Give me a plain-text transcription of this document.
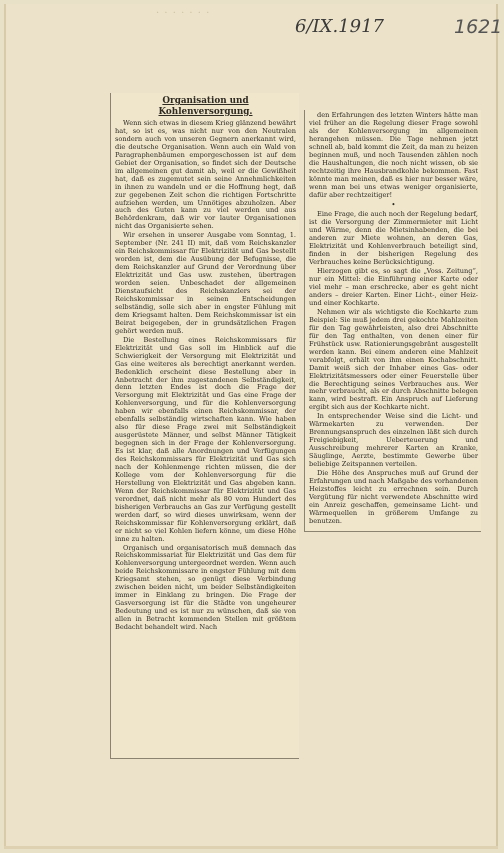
· · · · · · ·
6/IX.1917	1621
Organisation und Kohlenversorgung.

Wenn sich etwas in diesem Krieg glänzend bewährt hat, so ist es, was nicht nur von den Neutralen sondern auch von unseren Gegnern anerkannt wird, die deutsche Organisation. Wenn auch ein Wald von Paragraphenbäumen emporgeschossen ist auf dem Gebiet der Organisation, so findet sich der Deutsche im allgemeinen gut damit ab, weil er die Gewißheit hat, daß es zugemutet sein seine Annehmlichkeiten in ihnen zu wandeln und er die Hoffnung hegt, daß zur gegebenen Zeit schon die richtigen Fortschritte aufziehen werden, um Unnötiges abzuholzen. Aber auch des Guten kann zu viel werden und aus Behördenkram, daß wir vor lauter Organisationen nicht das Organisierte sehen.

Wir ersehen in unserer Ausgabe vom Sonntag, 1. September (Nr. 241 II) mit, daß vom Reichskanzler ein Reichskommissar für Elektrizität und Gas bestellt worden ist, dem die Ausübung der Befugnisse, die dem Reichskanzler auf Grund der Verordnung über Elektrizität und Gas usw. zustehen, übertragen worden seien. Unbeschadet der allgemeinen Dienstaufsicht des Reichskanzlers sei der Reichskommissar in seinen Entscheidungen selbständig, solle sich aber in engster Fühlung mit dem Kriegsamt halten. Dem Reichskommissar ist ein Beirat beigegeben, der in grundsätzlichen Fragen gehört werden muß.

Die Bestellung eines Reichskommissars für Elektrizität und Gas soll im Hinblick auf die Schwierigkeit der Versorgung mit Elektrizität und Gas eine weiteres als berechtigt anerkannt werden. Bedenklich erscheint diese Bestellung aber in Anbetracht der ihm zugestandenen Selbständigkeit, denn letzten Endes ist doch die Frage der Versorgung mit Elektrizität und Gas eine Frage der Kohlenversorgung, und für die Kohlenversorgung haben wir ebenfalls einen Reichskommissar, der ebenfalls selbständig wirtschaften kann. Wie haben also für diese Frage zwei mit Selbständigkeit ausgerüstete Männer, und selbst Männer Tätigkeit begegnen sich in der Frage der Kohlenversorgung. Es ist klar, daß alle Anordnungen und Verfügungen des Reichskommissars für Elektrizität und Gas sich nach der Kohlenmenge richten müssen, die der Kollege vom der Kohlenversorgung für die Herstellung von Elektrizität und Gas abgeben kann. Wenn der Reichskommissar für Elektrizität und Gas verordnet, daß nicht mehr als 80 vom Hundert des bisherigen Verbrauchs an Gas zur Verfügung gestellt werden darf, so wird dieses unwirksam, wenn der Reichskommissar für Kohlenversorgung erklärt, daß er nicht so viel Kohlen liefern könne, um diese Höhe inne zu halten.

Organisch und organisatorisch muß demnach das Reichskommissariat für Elektrizität und Gas dem für Kohlenversorgung untergeordnet werden. Wenn auch beide Reichskommissare in engster Fühlung mit dem Kriegsamt stehen, so genügt diese Verbindung zwischen beiden nicht, um beider Selbständigkeiten immer in Einklang zu bringen. Die Frage der Gasversorgung ist für die Städte von ungeheurer Bedeutung und es ist nur zu wünschen, daß sie von allen in Betracht kommenden Stellen mit größtem Bedacht behandelt wird. Nach

den Erfahrungen des letzten Winters hätte man viel früher an die Regelung dieser Frage sowohl als der Kohlenversorgung im allgemeinen herangehen müssen. Die Tage nehmen jetzt schnell ab, bald kommt die Zeit, da man zu heizen beginnen muß, und noch Tausenden zählen noch die Haushaltungen, die noch nicht wissen, ob sie rechtzeitig ihre Hausbrandkohle bekommen. Fast könnte man meinen, daß es hier nur besser wäre, wenn man bei uns etwas weniger organisierte, dafür aber rechtzeitiger!

•

Eine Frage, die auch noch der Regelung bedarf, ist die Versorgung der Zimmermieter mit Licht und Wärme, denn die Mietsinhabenden, die bei anderen zur Miete wohnen, an deren Gas, Elektrizität und Kohlenverbrauch beteiligt sind, finden in der bisherigen Regelung des Verbrauches keine Berücksichtigung.

Hierzogen gibt es, so sagt die „Voss. Zeitung“, nur ein Mittel: die Einführung einer Karte oder viel mehr – man erschrecke, aber es geht nicht anders – dreier Karten. Einer Licht-, einer Heiz- und einer Kochkarte.

Nehmen wir als wichtigste die Kochkarte zum Beispiel: Sie muß jedem drei gekochte Mahlzeiten für den Tag gewährleisten, also drei Abschnitte für den Tag enthalten, von denen einer für Frühstück usw. Rationierungsgebränt ausgestellt werden kann. Bei einem anderen eine Mahlzeit verabfolgt, erhält von ihm einen Kochabschnitt. Damit weiß sich der Inhaber eines Gas- oder Elektrizitätsmessers oder einer Feuerstelle über die Berechtigung seines Verbrauches aus. Wer mehr verbraucht, als er durch Abschnitte belegen kann, wird bestraft. Ein Anspruch auf Lieferung ergibt sich aus der Kochkarte nicht.

In entsprechender Weise sind die Licht- und Wärmekarten zu verwenden. Der Brennungsanspruch des einzelnen läßt sich durch Freigiebigkeit, Ueberteuerung und Ausschreibung mehrerer Karten an Kranke, Säuglinge, Aerzte, bestimmte Gewerbe über beliebige Zeitspannen verteilen.

Die Höhe des Anspruches muß auf Grund der Erfahrungen und nach Maßgabe des vorhandenen Heizstoffes leicht zu errechnen sein. Durch Vergütung für nicht verwendete Abschnitte wird ein Anreiz geschaffen, gemeinsame Licht- und Wärmequellen in größerem Umfange zu benutzen.
